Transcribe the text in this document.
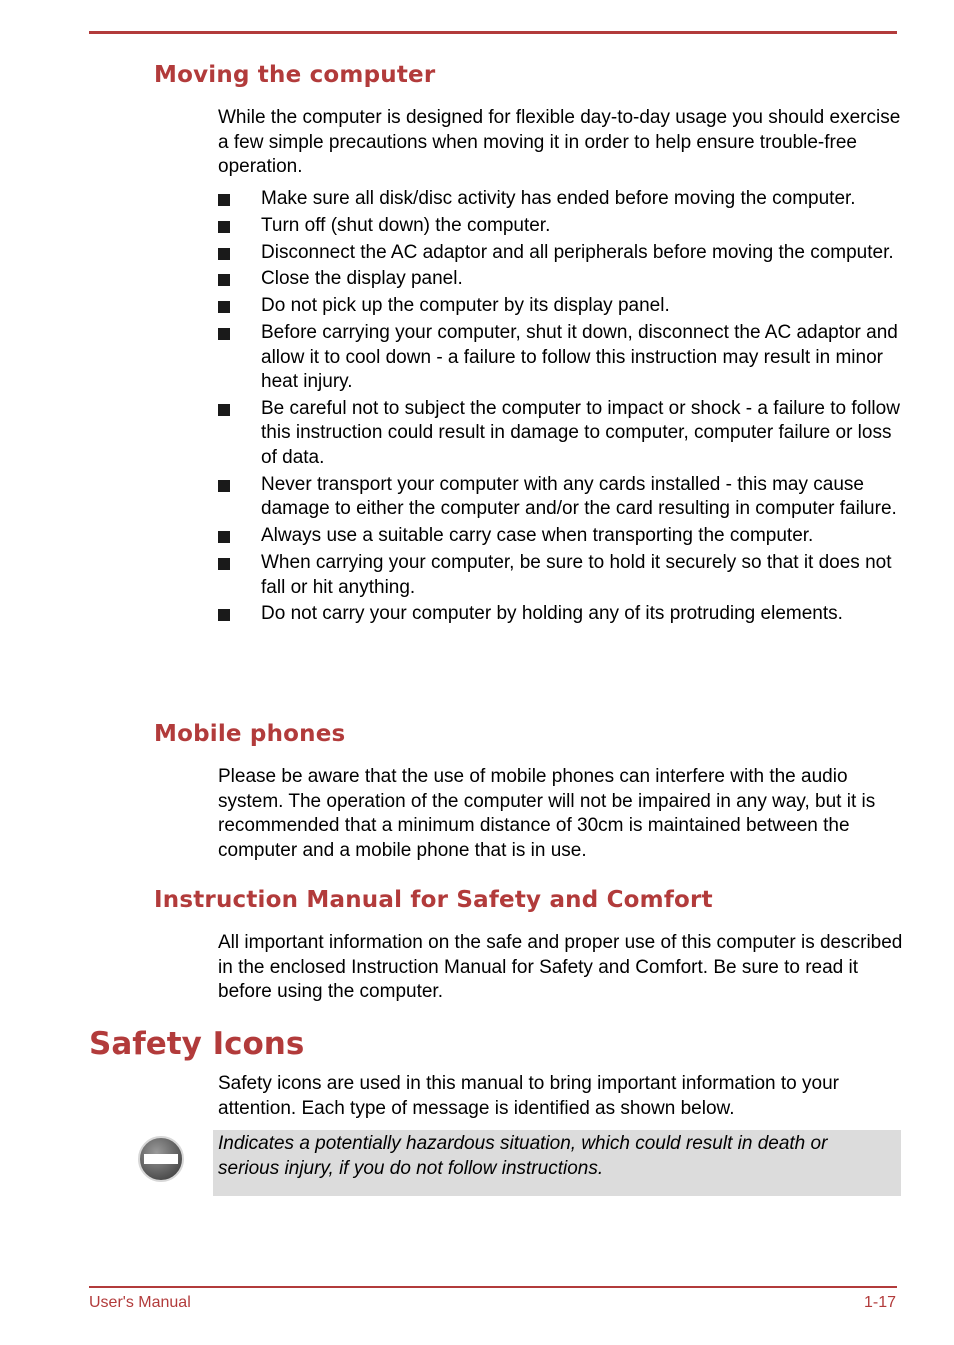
Moving the computer

While the computer is designed for flexible day-to-day usage you should exercise a few simple precautions when moving it in order to help ensure trouble-free operation.

Make sure all disk/disc activity has ended before moving the computer.
Turn off (shut down) the computer.
Disconnect the AC adaptor and all peripherals before moving the computer.
Close the display panel.
Do not pick up the computer by its display panel.
Before carrying your computer, shut it down, disconnect the AC adaptor and allow it to cool down - a failure to follow this instruction may result in minor heat injury.
Be careful not to subject the computer to impact or shock - a failure to follow this instruction could result in damage to computer, computer failure or loss of data.
Never transport your computer with any cards installed - this may cause damage to either the computer and/or the card resulting in computer failure.
Always use a suitable carry case when transporting the computer.
When carrying your computer, be sure to hold it securely so that it does not fall or hit anything.
Do not carry your computer by holding any of its protruding elements.
Mobile phones

Please be aware that the use of mobile phones can interfere with the audio system. The operation of the computer will not be impaired in any way, but it is recommended that a minimum distance of 30cm is maintained between the computer and a mobile phone that is in use.

Instruction Manual for Safety and Comfort

All important information on the safe and proper use of this computer is described in the enclosed Instruction Manual for Safety and Comfort. Be sure to read it before using the computer.

Safety Icons

Safety icons are used in this manual to bring important information to your attention. Each type of message is identified as shown below.

Indicates a potentially hazardous situation, which could result in death or serious injury, if you do not follow instructions.

User's Manual	1-17
